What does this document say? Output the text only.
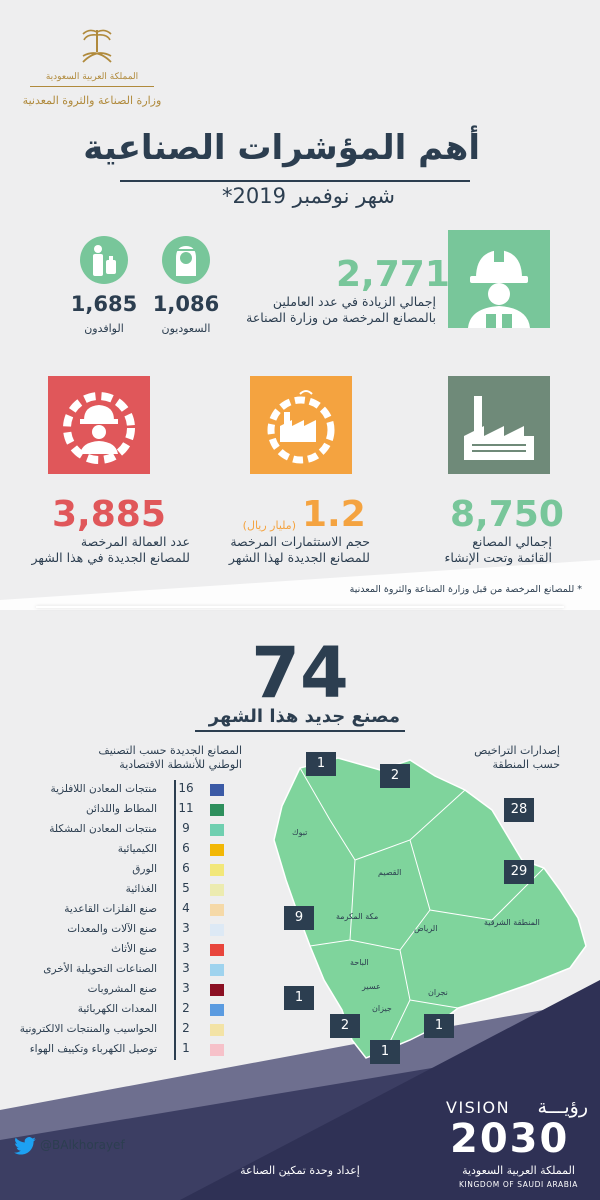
المملكة العربية السعودية
وزارة الصناعة والثروة المعدنية
أهم المؤشرات الصناعية
شهر نوفمبر 2019*
2,771
إجمالي الزيادة في عدد العاملين
بالمصانع المرخصة من وزارة الصناعة
1,086
السعوديون
1,685
الوافدون
8,750
إجمالي المصانع
القائمة وتحت الإنشاء
1.2
(مليار ريال)
حجم الاستثمارات المرخصة
للمصانع الجديدة لهذا الشهر
3,885
عدد العمالة المرخصة
للمصانع الجديدة في هذا الشهر
* للمصانع المرخصة من قبل وزارة الصناعة والثروة المعدنية
74
مصنع جديد هذا الشهر
المصانع الجديدة حسب التصنيف
الوطني للأنشطة الاقتصادية
منتجات المعادن اللافلزية	16
المطاط واللدائن	11
منتجات المعادن المشكلة	9
الكيميائية	6
الورق	6
الغذائية	5
صنع الفلزات القاعدية	4
صنع الآلات والمعدات	3
صنع الأثاث	3
الصناعات التحويلية الأخرى	3
صنع المشروبات	3
المعدات الكهربائية	2
الحواسيب والمنتجات الالكترونية	2
توصيل الكهرباء وتكييف الهواء	1
إصدارات التراخيص
حسب المنطقة
1
تبوك
2
القصيم
28
الرياض
29
المنطقة الشرقية
9	مكة المكرمة
1
الباحة
2
عسير
1
جيزان
1
نجران
@BAlkhorayef
إعداد وحدة تمكين الصناعة
VISION رؤيـــة
2030
المملكة العربية السعودية
KINGDOM OF SAUDI ARABIA
